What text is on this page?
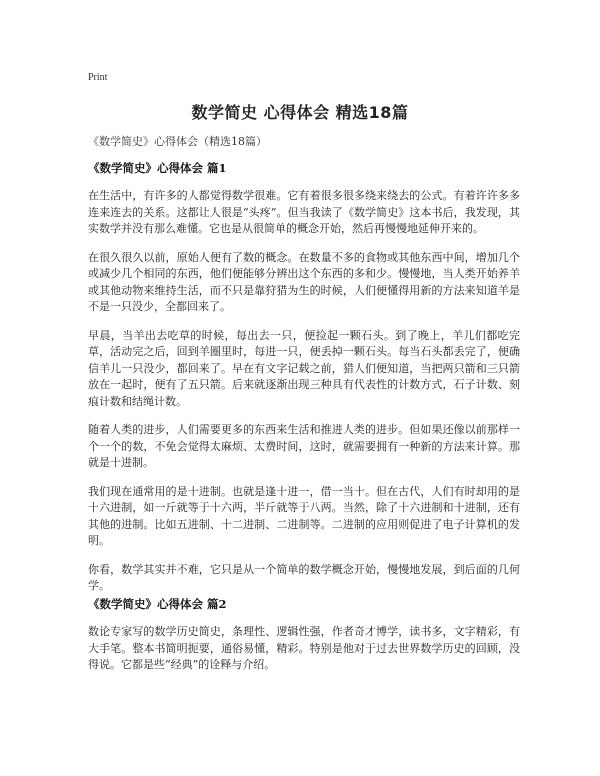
Print
数学简史 心得体会 精选18篇
《数学简史》心得体会（精选18篇）
《数学简史》心得体会 篇1

在生活中，有许多的人都觉得数学很难。它有着很多很多绕来绕去的公式。有着许许多多连来连去的关系。这都让人很是“头疼”。但当我读了《数学简史》这本书后，我发现，其实数学并没有那么难懂。它也是从很简单的概念开始，然后再慢慢地延伸开来的。

在很久很久以前，原始人便有了数的概念。在数量不多的食物或其他东西中间，增加几个或减少几个相同的东西，他们便能够分辨出这个东西的多和少。慢慢地，当人类开始养羊或其他动物来维持生活，而不只是靠狩猎为生的时候，人们便懂得用新的方法来知道羊是不是一只没少，全都回来了。

早晨，当羊出去吃草的时候，每出去一只，便捡起一颗石头。到了晚上，羊儿们都吃完草，活动完之后，回到羊圈里时，每进一只，便丢掉一颗石头。每当石头都丢完了，便确信羊儿一只没少，都回来了。早在有文字记载之前，猎人们便知道，当把两只箭和三只箭放在一起时，便有了五只箭。后来就逐渐出现三种具有代表性的计数方式，石子计数、刻痕计数和结绳计数。

随着人类的进步，人们需要更多的东西来生活和推进人类的进步。但如果还像以前那样一个一个的数，不免会觉得太麻烦、太费时间，这时，就需要拥有一种新的方法来计算。那就是十进制。

我们现在通常用的是十进制。也就是逢十进一，借一当十。但在古代，人们有时却用的是十六进制，如一斤就等于十六两，半斤就等于八两。当然，除了十六进制和十进制，还有其他的进制。比如五进制、十二进制、二进制等。二进制的应用则促进了电子计算机的发明。

你看，数学其实并不难，它只是从一个简单的数学概念开始，慢慢地发展，到后面的几何学。

《数学简史》心得体会 篇2

数论专家写的数学历史简史，条理性、逻辑性强，作者奇才博学，读书多，文字精彩，有大手笔。整本书简明扼要，通俗易懂，精彩。特别是他对于过去世界数学历史的回顾，没得说。它都是些“经典”的诠释与介绍。
